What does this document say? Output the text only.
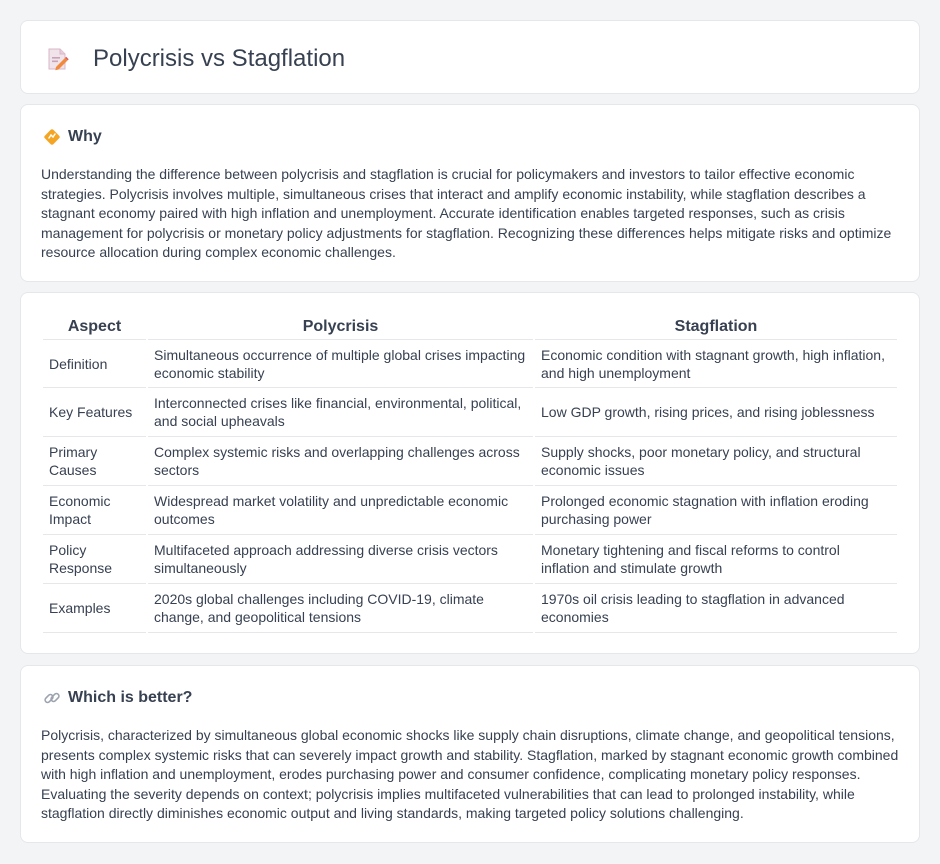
Polycrisis vs Stagflation
Why
Understanding the difference between polycrisis and stagflation is crucial for policymakers and investors to tailor effective economic strategies. Polycrisis involves multiple, simultaneous crises that interact and amplify economic instability, while stagflation describes a stagnant economy paired with high inflation and unemployment. Accurate identification enables targeted responses, such as crisis management for polycrisis or monetary policy adjustments for stagflation. Recognizing these differences helps mitigate risks and optimize resource allocation during complex economic challenges.
Aspect	Polycrisis	Stagflation
Definition	Simultaneous occurrence of multiple global crises impacting economic stability	Economic condition with stagnant growth, high inflation, and high unemployment
Key Features	Interconnected crises like financial, environmental, political, and social upheavals	Low GDP growth, rising prices, and rising joblessness
Primary Causes	Complex systemic risks and overlapping challenges across sectors	Supply shocks, poor monetary policy, and structural economic issues
Economic Impact	Widespread market volatility and unpredictable economic outcomes	Prolonged economic stagnation with inflation eroding purchasing power
Policy Response	Multifaceted approach addressing diverse crisis vectors simultaneously	Monetary tightening and fiscal reforms to control inflation and stimulate growth
Examples	2020s global challenges including COVID-19, climate change, and geopolitical tensions	1970s oil crisis leading to stagflation in advanced economies
Which is better?
Polycrisis, characterized by simultaneous global economic shocks like supply chain disruptions, climate change, and geopolitical tensions, presents complex systemic risks that can severely impact growth and stability. Stagflation, marked by stagnant economic growth combined with high inflation and unemployment, erodes purchasing power and consumer confidence, complicating monetary policy responses. Evaluating the severity depends on context; polycrisis implies multifaceted vulnerabilities that can lead to prolonged instability, while stagflation directly diminishes economic output and living standards, making targeted policy solutions challenging.
